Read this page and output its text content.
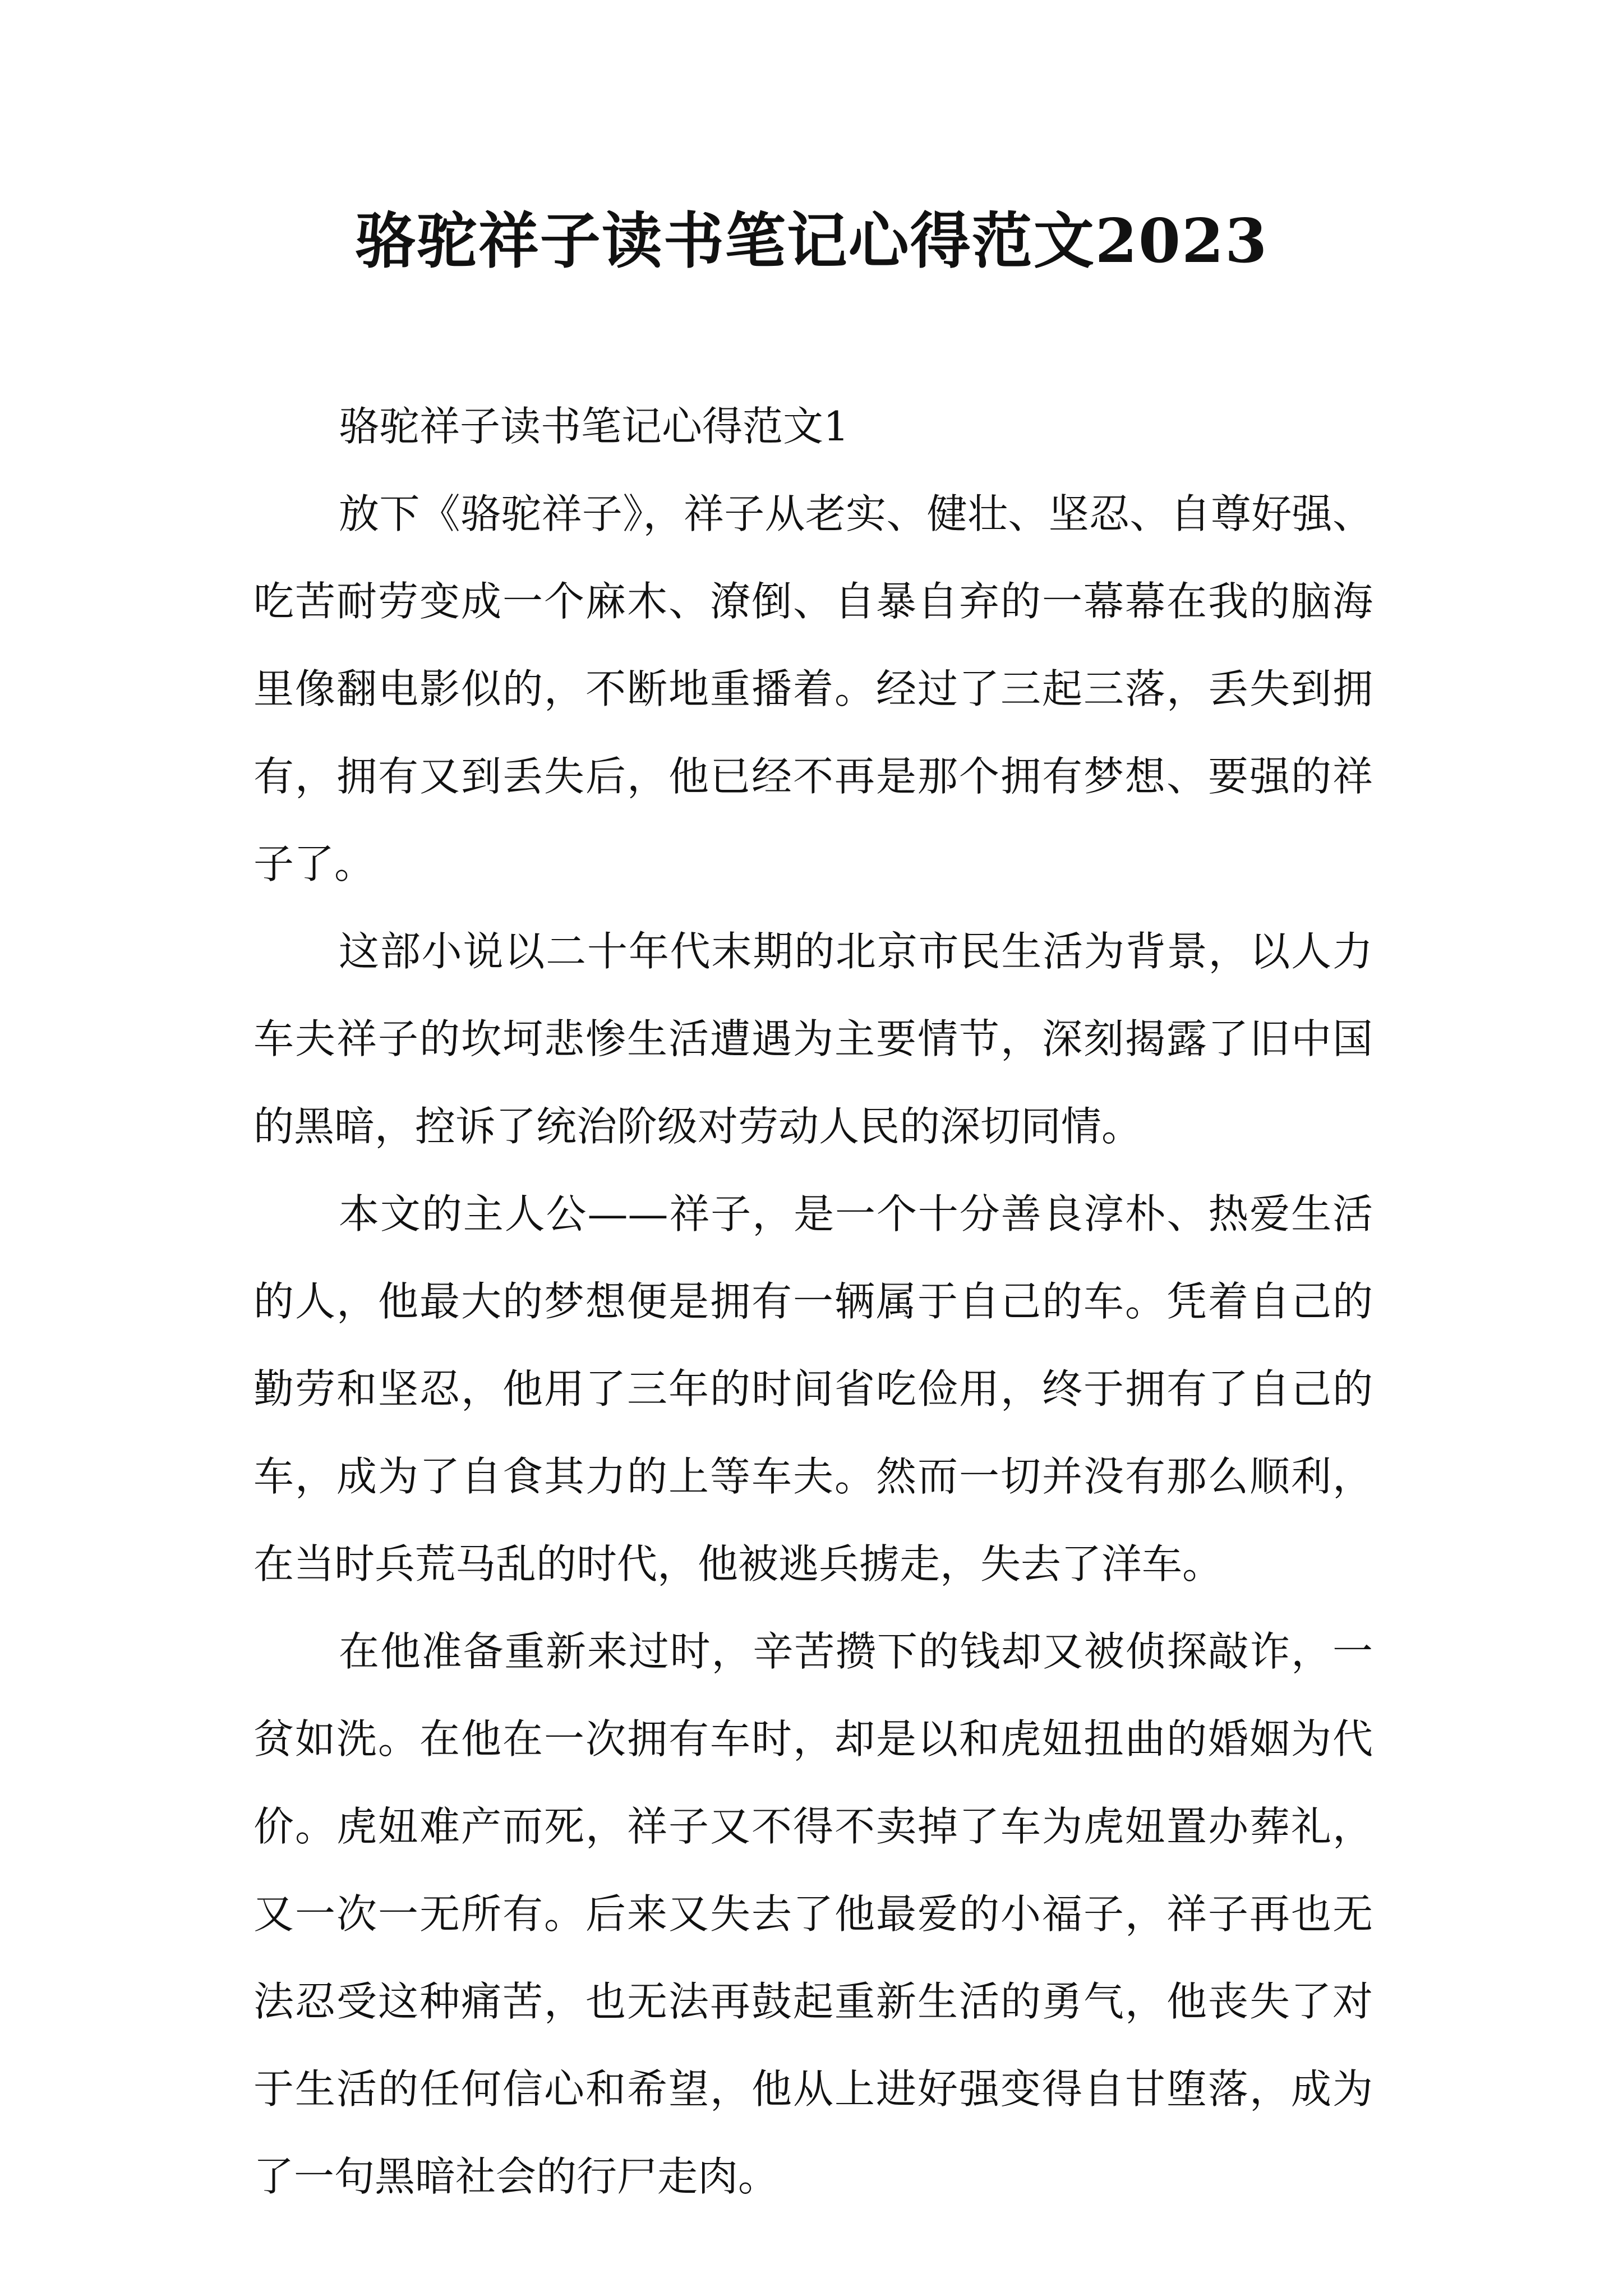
骆驼祥子读书笔记心得范文2023

骆驼祥子读书笔记心得范文1

放下《骆驼祥子》，祥子从老实、健壮、坚忍、自尊好强、吃苦耐劳变成一个麻木、潦倒、自暴自弃的一幕幕在我的脑海里像翻电影似的，不断地重播着。经过了三起三落，丢失到拥有，拥有又到丢失后，他已经不再是那个拥有梦想、要强的祥子了。

这部小说以二十年代末期的北京市民生活为背景，以人力车夫祥子的坎坷悲惨生活遭遇为主要情节，深刻揭露了旧中国的黑暗，控诉了统治阶级对劳动人民的深切同情。

本文的主人公——祥子，是一个十分善良淳朴、热爱生活的人，他最大的梦想便是拥有一辆属于自己的车。凭着自己的勤劳和坚忍，他用了三年的时间省吃俭用，终于拥有了自己的车，成为了自食其力的上等车夫。然而一切并没有那么顺利，在当时兵荒马乱的时代，他被逃兵掳走，失去了洋车。

在他准备重新来过时，辛苦攒下的钱却又被侦探敲诈，一贫如洗。在他在一次拥有车时，却是以和虎妞扭曲的婚姻为代价。虎妞难产而死，祥子又不得不卖掉了车为虎妞置办葬礼，又一次一无所有。后来又失去了他最爱的小福子，祥子再也无法忍受这种痛苦，也无法再鼓起重新生活的勇气，他丧失了对于生活的任何信心和希望，他从上进好强变得自甘堕落，成为了一句黑暗社会的行尸走肉。
